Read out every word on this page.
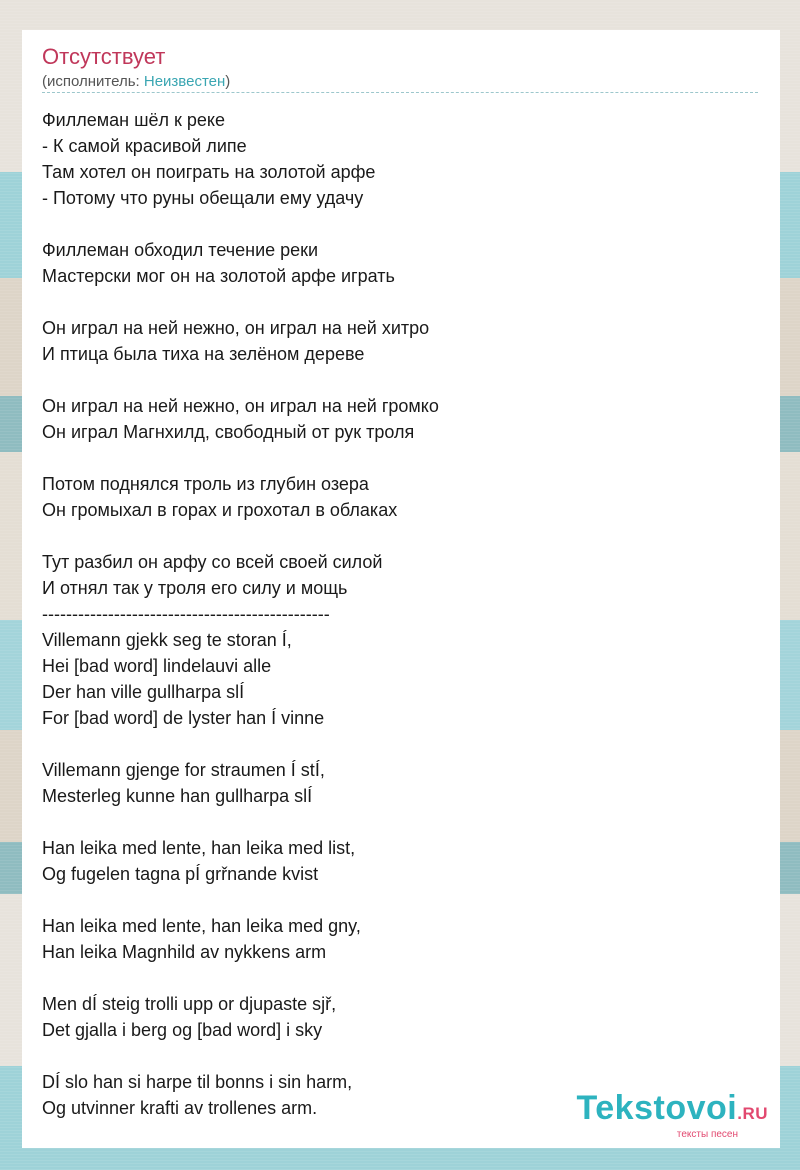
Отсутствует
(исполнитель: Неизвестен)
Филлеман шёл к реке
- К самой красивой липе
Там хотел он поиграть на золотой арфе
- Потому что руны обещали ему удачу
Филлеман обходил течение реки
Мастерски мог он на золотой арфе играть
Он играл на ней нежно, он играл на ней хитро
И птица была тиха на зелёном дереве
Он играл на ней нежно, он играл на ней громко
Он играл Магнхилд, свободный от рук троля
Потом поднялся троль из глубин озера
Он громыхал в горах и грохотал в облаках
Тут разбил он арфу со всей своей силой
И отнял так у троля его силу и мощь
------------------------------------------------
Villemann gjekk seg te storan Í,
Hei [bad word] lindelauvi alle
Der han ville gullharpa slÍ
For [bad word] de lyster han Í vinne
Villemann gjenge for straumen Í stÍ,
Mesterleg kunne han gullharpa slÍ
Han leika med lente, han leika med list,
Og fugelen tagna pÍ grřnande kvist
Han leika med lente, han leika med gny,
Han leika Magnhild av nykkens arm
Men dÍ steig trolli upp or djupaste sjř,
Det gjalla i berg og [bad word] i sky
DÍ slo han si harpe til bonns i sin harm,
Og utvinner krafti av trollenes arm.	Tekstovoi.RU
тексты песен
